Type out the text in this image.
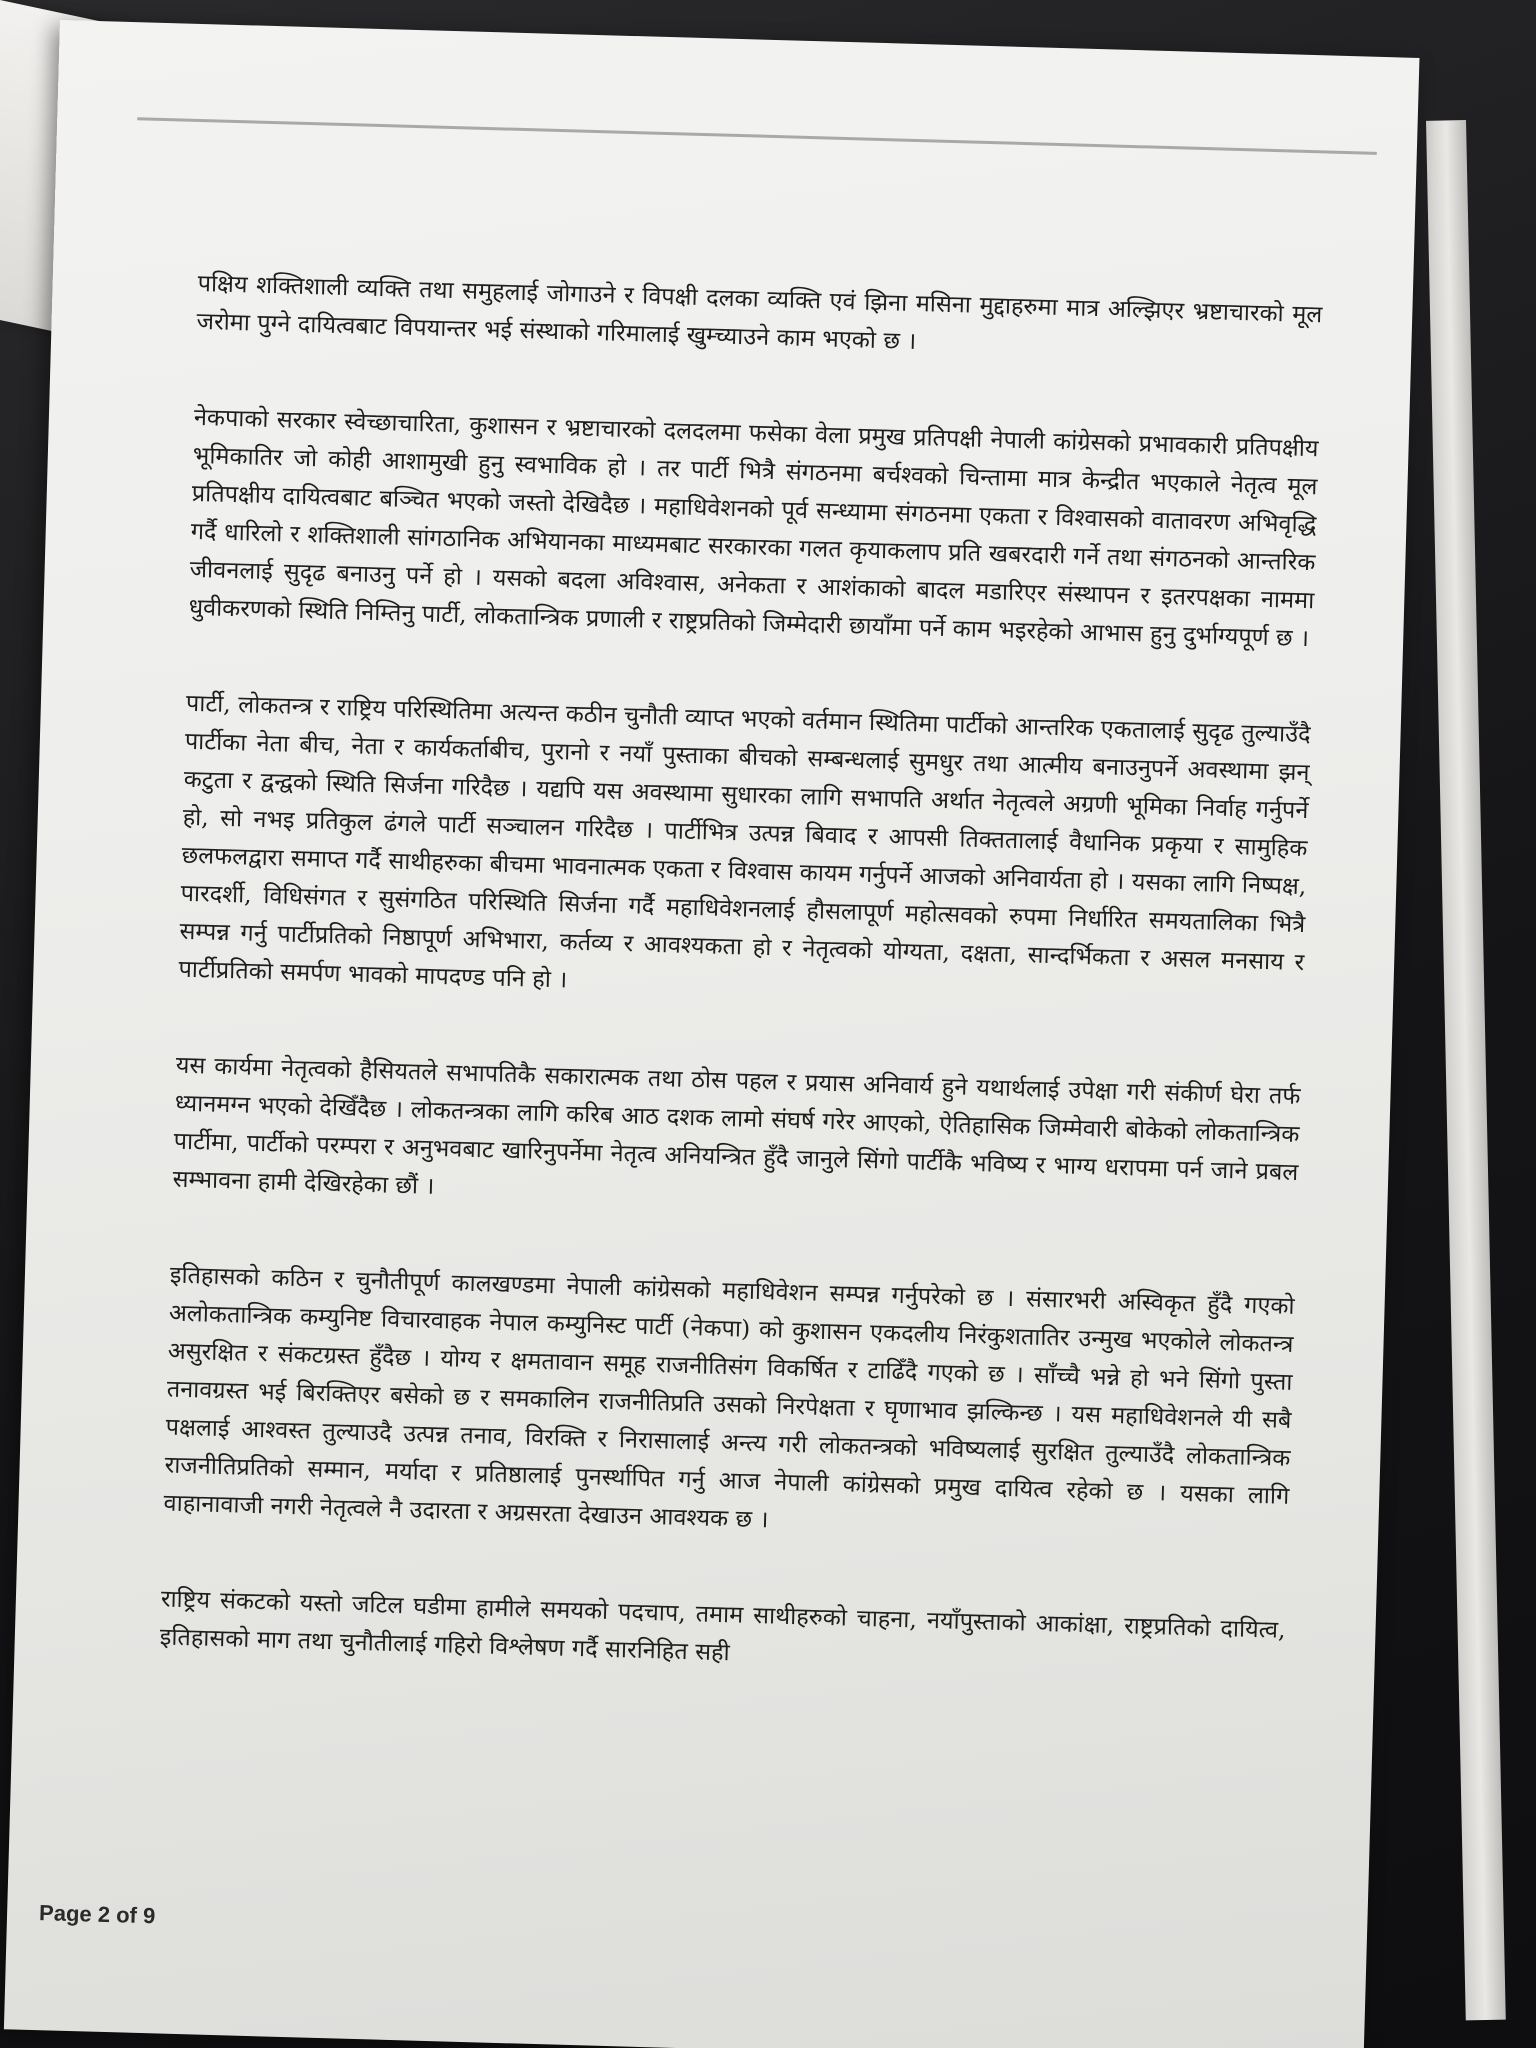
पक्षिय शक्तिशाली व्यक्ति तथा समुहलाई जोगाउने र विपक्षी दलका व्यक्ति एवं झिना मसिना मुद्दाहरुमा मात्र अल्झिएर भ्रष्टाचारको मूल जरोमा पुग्ने दायित्वबाट विपयान्तर भई संस्थाको गरिमालाई खुम्च्याउने काम भएको छ ।

नेकपाको सरकार स्वेच्छाचारिता, कुशासन र भ्रष्टाचारको दलदलमा फसेका वेला प्रमुख प्रतिपक्षी नेपाली कांग्रेसको प्रभावकारी प्रतिपक्षीय भूमिकातिर जो कोही आशामुखी हुनु स्वभाविक हो । तर पार्टी भित्रै संगठनमा बर्चश्वको चिन्तामा मात्र केन्द्रीत भएकाले नेतृत्व मूल प्रतिपक्षीय दायित्वबाट बञ्चित भएको जस्तो देखिदैछ । महाधिवेशनको पूर्व सन्ध्यामा संगठनमा एकता र विश्वासको वातावरण अभिवृद्धि गर्दै धारिलो र शक्तिशाली सांगठानिक अभियानका माध्यमबाट सरकारका गलत कृयाकलाप प्रति खबरदारी गर्ने तथा संगठनको आन्तरिक जीवनलाई सुदृढ बनाउनु पर्ने हो । यसको बदला अविश्वास, अनेकता र आशंकाको बादल मडारिएर संस्थापन र इतरपक्षका नाममा धुवीकरणको स्थिति निम्तिनु पार्टी, लोकतान्त्रिक प्रणाली र राष्ट्रप्रतिको जिम्मेदारी छायाँमा पर्ने काम भइरहेको आभास हुनु दुर्भाग्यपूर्ण छ ।

पार्टी, लोकतन्त्र र राष्ट्रिय परिस्थितिमा अत्यन्त कठीन चुनौती व्याप्त भएको वर्तमान स्थितिमा पार्टीको आन्तरिक एकतालाई सुदृढ तुल्याउँदै पार्टीका नेता बीच, नेता र कार्यकर्ताबीच, पुरानो र नयाँ पुस्ताका बीचको सम्बन्धलाई सुमधुर तथा आत्मीय बनाउनुपर्ने अवस्थामा झन् कटुता र द्वन्द्वको स्थिति सिर्जना गरिदैछ । यद्यपि यस अवस्थामा सुधारका लागि सभापति अर्थात नेतृत्वले अग्रणी भूमिका निर्वाह गर्नुपर्ने हो, सो नभइ प्रतिकुल ढंगले पार्टी सञ्चालन गरिदैछ । पार्टीभित्र उत्पन्न बिवाद र आपसी तिक्ततालाई वैधानिक प्रकृया र सामुहिक छलफलद्वारा समाप्त गर्दै साथीहरुका बीचमा भावनात्मक एकता र विश्वास कायम गर्नुपर्ने आजको अनिवार्यता हो । यसका लागि निष्पक्ष, पारदर्शी, विधिसंगत र सुसंगठित परिस्थिति सिर्जना गर्दै महाधिवेशनलाई हौसलापूर्ण महोत्सवको रुपमा निर्धारित समयतालिका भित्रै सम्पन्न गर्नु पार्टीप्रतिको निष्ठापूर्ण अभिभारा, कर्तव्य र आवश्यकता हो र नेतृत्वको योग्यता, दक्षता, सान्दर्भिकता र असल मनसाय र पार्टीप्रतिको समर्पण भावको मापदण्ड पनि हो ।

यस कार्यमा नेतृत्वको हैसियतले सभापतिकै सकारात्मक तथा ठोस पहल र प्रयास अनिवार्य हुने यथार्थलाई उपेक्षा गरी संकीर्ण घेरा तर्फ ध्यानमग्न भएको देखिँदैछ । लोकतन्त्रका लागि करिब आठ दशक लामो संघर्ष गरेर आएको, ऐतिहासिक जिम्मेवारी बोकेको लोकतान्त्रिक पार्टीमा, पार्टीको परम्परा र अनुभवबाट खारिनुपर्नेमा नेतृत्व अनियन्त्रित हुँदै जानुले सिंगो पार्टीकै भविष्य र भाग्य धरापमा पर्न जाने प्रबल सम्भावना हामी देखिरहेका छौं ।

इतिहासको कठिन र चुनौतीपूर्ण कालखण्डमा नेपाली कांग्रेसको महाधिवेशन सम्पन्न गर्नुपरेको छ । संसारभरी अस्विकृत हुँदै गएको अलोकतान्त्रिक कम्युनिष्ट विचारवाहक नेपाल कम्युनिस्ट पार्टी (नेकपा) को कुशासन एकदलीय निरंकुशतातिर उन्मुख भएकोले लोकतन्त्र असुरक्षित र संकटग्रस्त हुँदैछ । योग्य र क्षमतावान समूह राजनीतिसंग विकर्षित र टाढिँदै गएको छ । साँच्चै भन्ने हो भने सिंगो पुस्ता तनावग्रस्त भई बिरक्तिएर बसेको छ र समकालिन राजनीतिप्रति उसको निरपेक्षता र घृणाभाव झल्किन्छ । यस महाधिवेशनले यी सबै पक्षलाई आश्वस्त तुल्याउदै उत्पन्न तनाव, विरक्ति र निरासालाई अन्त्य गरी लोकतन्त्रको भविष्यलाई सुरक्षित तुल्याउँदै लोकतान्त्रिक राजनीतिप्रतिको सम्मान, मर्यादा र प्रतिष्ठालाई पुनर्स्थापित गर्नु आज नेपाली कांग्रेसको प्रमुख दायित्व रहेको छ । यसका लागि वाहानावाजी नगरी नेतृत्वले नै उदारता र अग्रसरता देखाउन आवश्यक छ ।

राष्ट्रिय संकटको यस्तो जटिल घडीमा हामीले समयको पदचाप, तमाम साथीहरुको चाहना, नयाँपुस्ताको आकांक्षा, राष्ट्रप्रतिको दायित्व, इतिहासको माग तथा चुनौतीलाई गहिरो विश्लेषण गर्दै सारनिहित सही

Page 2 of 9
